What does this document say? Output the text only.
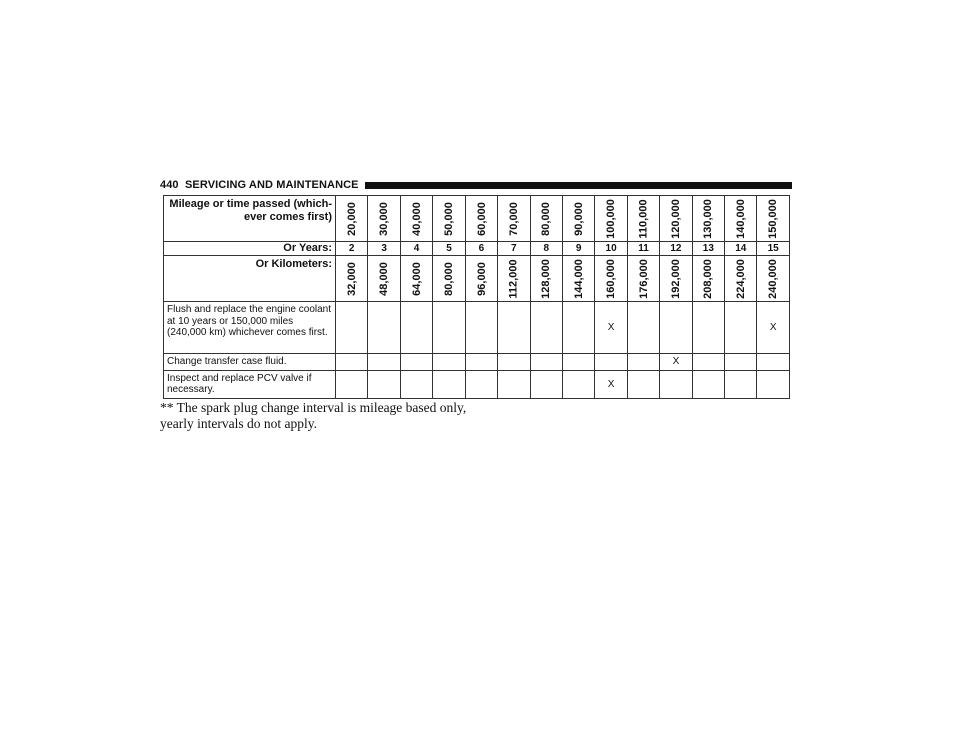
440 SERVICING AND MAINTENANCE
Mileage or time passed (which-ever comes first)	20,000	30,000	40,000	50,000	60,000	70,000	80,000	90,000	100,000	110,000	120,000	130,000	140,000	150,000

Or Years:	2	3	4	5	6	7	8	9	10	11	12	13	14	15
Or Kilometers:	32,000	48,000	64,000	80,000	96,000	112,000	128,000	144,000	160,000	176,000	192,000	208,000	224,000	240,000

Flush and replace the engine coolant at 10 years or 150,000 miles (240,000 km) whichever comes first.									X					X
Change transfer case fluid.											X			
Inspect and replace PCV valve if necessary.									X					
** The spark plug change interval is mileage based only, yearly intervals do not apply.
